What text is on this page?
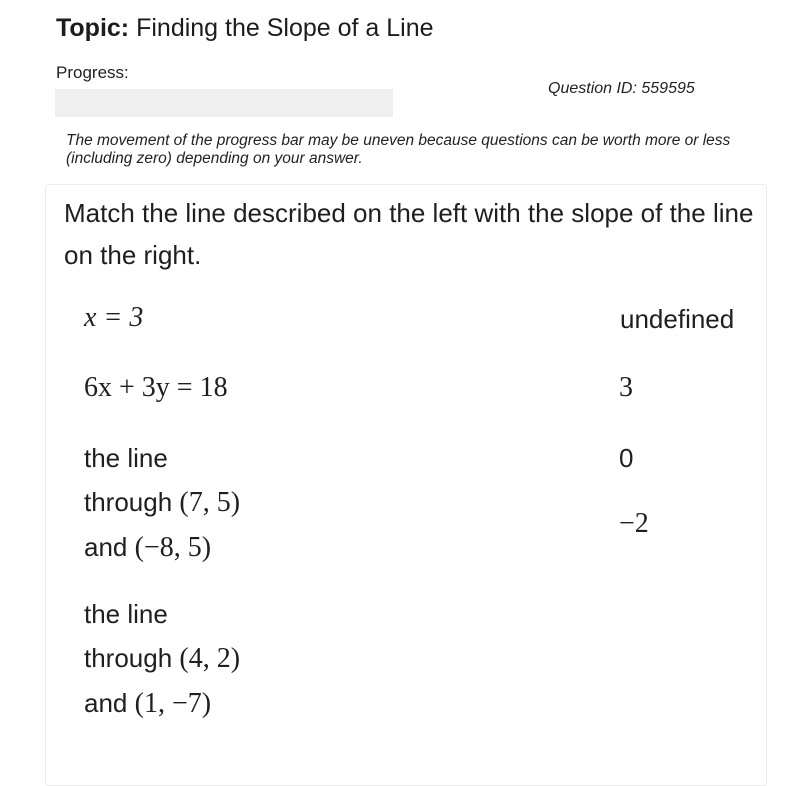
Topic: Finding the Slope of a Line
Progress:
Question ID: 559595
The movement of the progress bar may be uneven because questions can be worth more or less (including zero) depending on your answer.
Match the line described on the left with the slope of the line on the right.
x = 3
6x + 3y = 18
the line
through (7, 5)
and (−8, 5)
the line
through (4, 2)
and (1, −7)
undefined
3
0
−2
